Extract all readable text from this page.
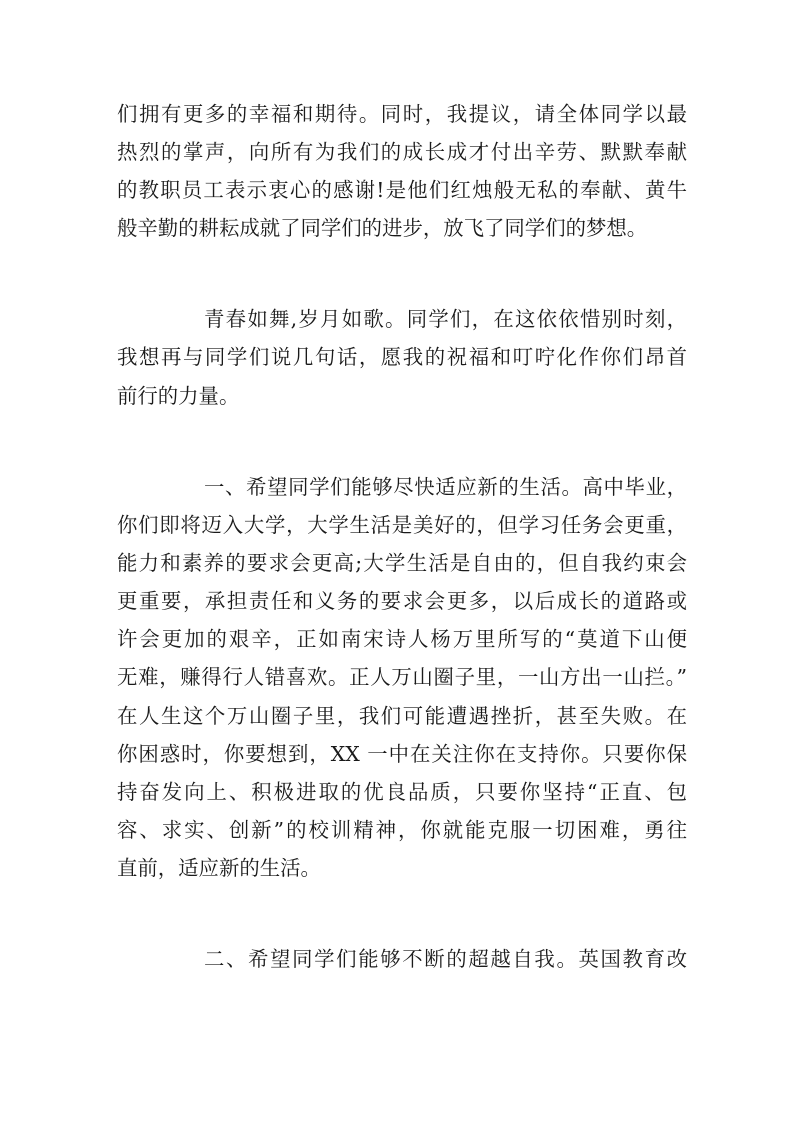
们拥有更多的幸福和期待。同时，我提议，请全体同学以最
热烈的掌声，向所有为我们的成长成才付出辛劳、默默奉献
的教职员工表示衷心的感谢!是他们红烛般无私的奉献、黄牛
般辛勤的耕耘成就了同学们的进步，放飞了同学们的梦想。
青春如舞,岁月如歌。同学们，在这依依惜别时刻，
我想再与同学们说几句话，愿我的祝福和叮咛化作你们昂首
前行的力量。
一、希望同学们能够尽快适应新的生活。高中毕业，
你们即将迈入大学，大学生活是美好的，但学习任务会更重，
能力和素养的要求会更高;大学生活是自由的，但自我约束会
更重要，承担责任和义务的要求会更多，以后成长的道路或
许会更加的艰辛，正如南宋诗人杨万里所写的“莫道下山便
无难，赚得行人错喜欢。正人万山圈子里，一山方出一山拦。”
在人生这个万山圈子里，我们可能遭遇挫折，甚至失败。在
你困惑时，你要想到，XX 一中在关注你在支持你。只要你保
持奋发向上、积极进取的优良品质，只要你坚持“正直、包
容、求实、创新”的校训精神，你就能克服一切困难，勇往
直前，适应新的生活。
二、希望同学们能够不断的超越自我。英国教育改
